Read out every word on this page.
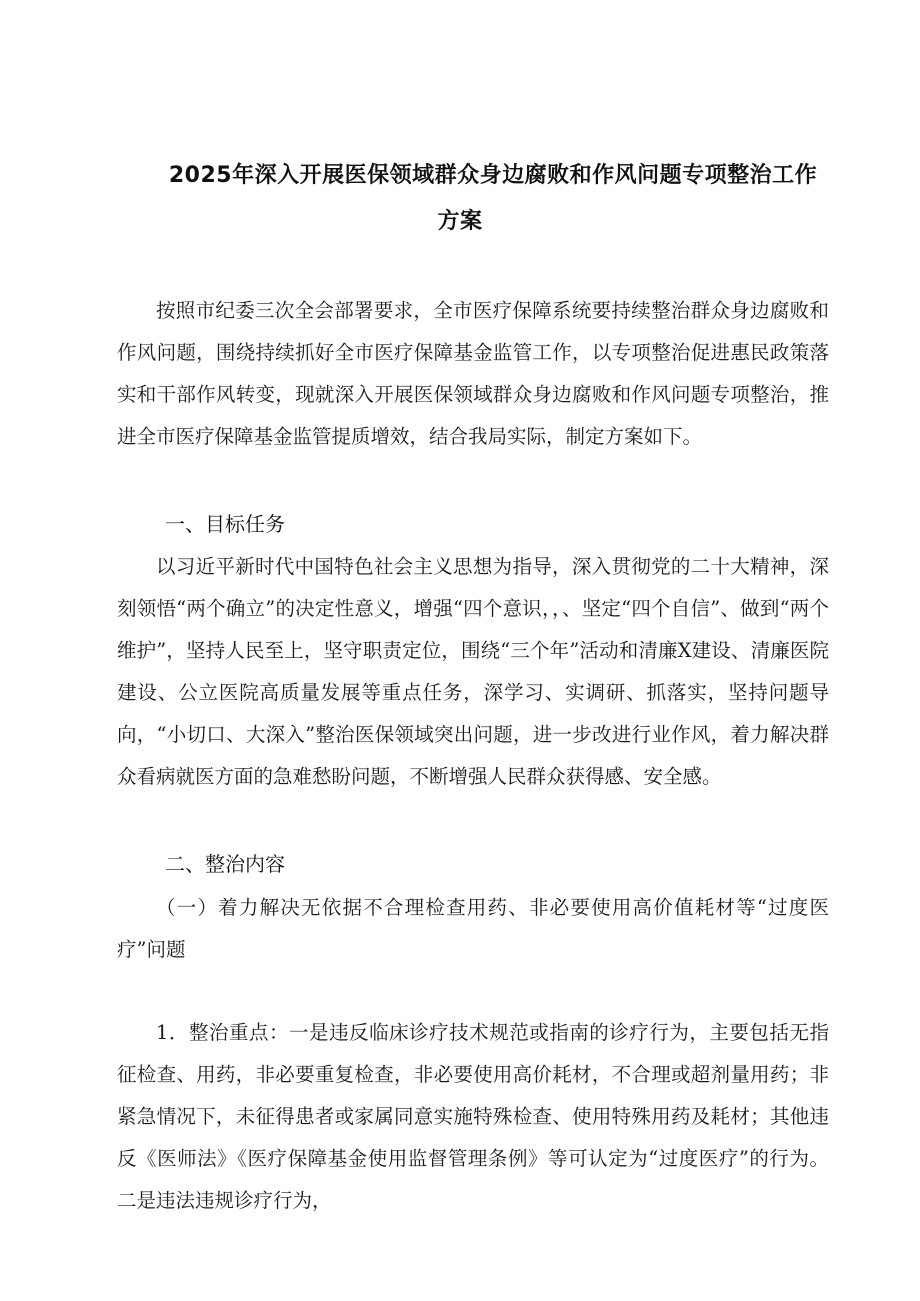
2025年深入开展医保领域群众身边腐败和作风问题专项整治工作
方案

按照市纪委三次全会部署要求，全市医疗保障系统要持续整治群众身边腐败和作风问题，围绕持续抓好全市医疗保障基金监管工作，以专项整治促进惠民政策落实和干部作风转变，现就深入开展医保领域群众身边腐败和作风问题专项整治，推进全市医疗保障基金监管提质增效，结合我局实际，制定方案如下。

一、目标任务

以习近平新时代中国特色社会主义思想为指导，深入贯彻党的二十大精神，深刻领悟“两个确立”的决定性意义，增强“四个意识，，、坚定“四个自信”、做到“两个维护”，坚持人民至上，坚守职责定位，围绕“三个年”活动和清廉X建设、清廉医院建设、公立医院高质量发展等重点任务，深学习、实调研、抓落实，坚持问题导向，“小切口、大深入”整治医保领域突出问题，进一步改进行业作风，着力解决群众看病就医方面的急难愁盼问题，不断增强人民群众获得感、安全感。

二、整治内容

（一）着力解决无依据不合理检查用药、非必要使用高价值耗材等“过度医疗”问题

1．整治重点：一是违反临床诊疗技术规范或指南的诊疗行为，主要包括无指征检查、用药，非必要重复检查，非必要使用高价耗材，不合理或超剂量用药；非紧急情况下，未征得患者或家属同意实施特殊检查、使用特殊用药及耗材；其他违反《医师法》《医疗保障基金使用监督管理条例》等可认定为“过度医疗”的行为。二是违法违规诊疗行为，
